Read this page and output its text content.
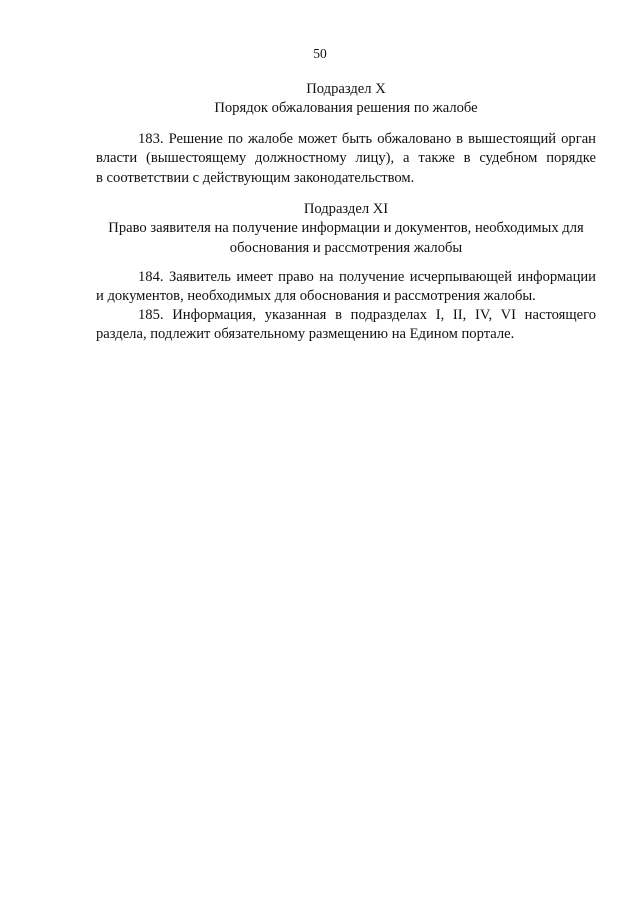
50
Подраздел X
Порядок обжалования решения по жалобе
183. Решение по жалобе может быть обжаловано в вышестоящий орган
власти (вышестоящему должностному лицу), а также в судебном порядке
в соответствии с действующим законодательством.
Подраздел XI
Право заявителя на получение информации и документов, необходимых для
обоснования и рассмотрения жалобы
184. Заявитель имеет право на получение исчерпывающей информации
и документов, необходимых для обоснования и рассмотрения жалобы.
185. Информация, указанная в подразделах I, II, IV, VI настоящего
раздела, подлежит обязательному размещению на Едином портале.
